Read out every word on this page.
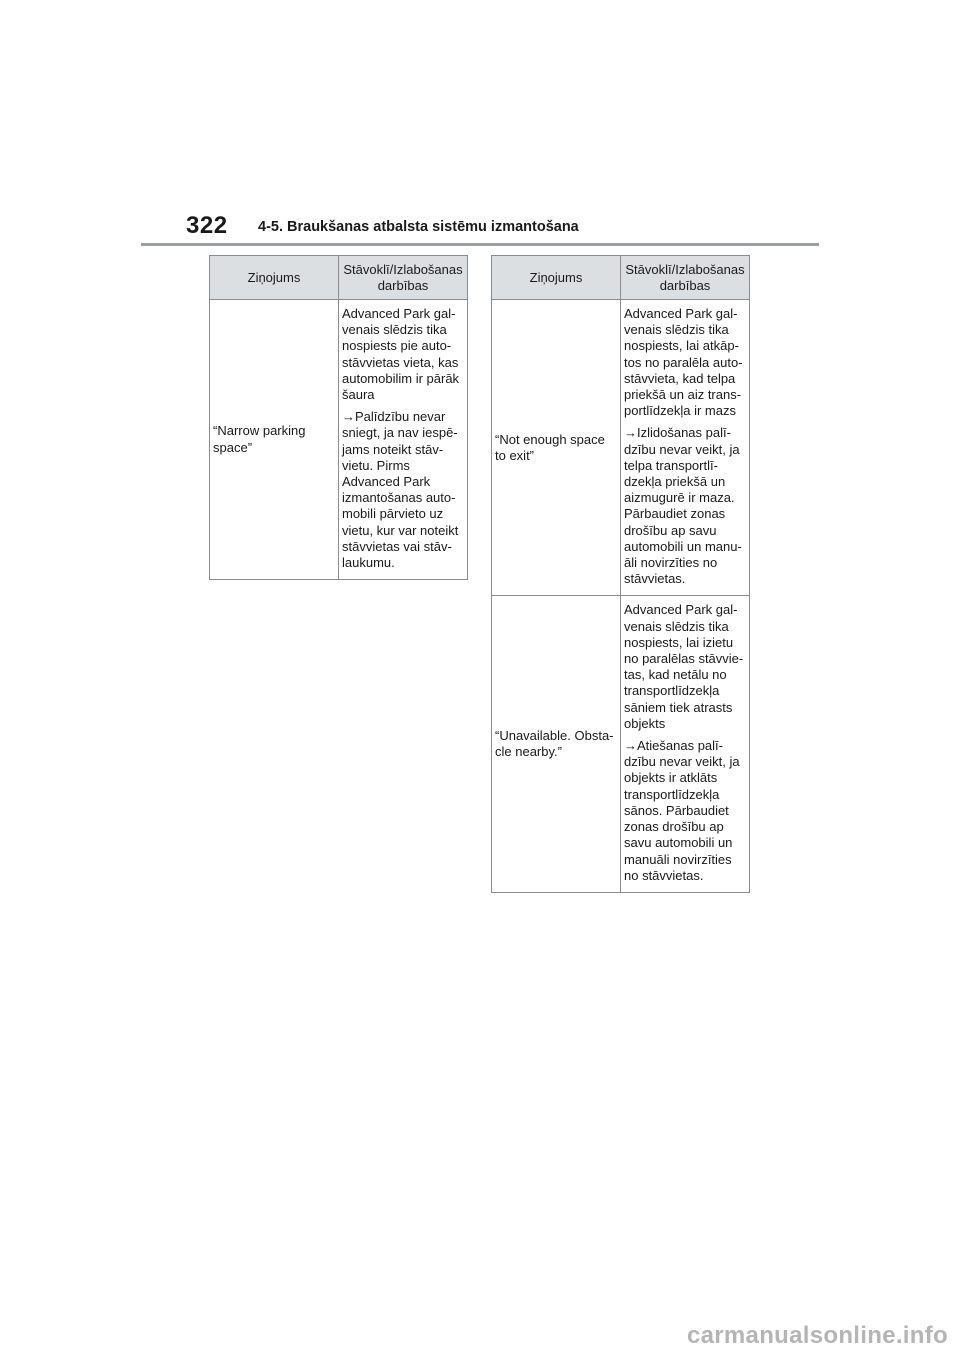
322 4-5. Braukšanas atbalsta sistēmu izmantošana
Ziņojums	Stāvoklī/Izlabošanas darbības
“Narrow parking space”	Advanced Park gal-venais slēdzis tika nospiests pie auto-stāvvietas vieta, kas automobilim ir pārāk šaura

→Palīdzību nevar sniegt, ja nav iespē-jams noteikt stāv-vietu. Pirms Advanced Park izmantošanas auto-mobili pārvieto uz vietu, kur var noteikt stāvvietas vai stāv-laukumu.

Ziņojums	Stāvoklī/Izlabošanas darbības
“Not enough space to exit”	Advanced Park gal-venais slēdzis tika nospiests, lai atkāp-tos no paralēla auto-stāvvieta, kad telpa priekšā un aiz trans-portlīdzekļa ir mazs

→Izlidošanas palī-dzību nevar veikt, ja telpa transportlī-dzekļa priekšā un aizmugurē ir maza. Pārbaudiet zonas drošību ap savu automobili un manu-āli novirzīties no stāvvietas.

“Unavailable. Obsta-cle nearby.”	Advanced Park gal-venais slēdzis tika nospiests, lai izietu no paralēlas stāvvie-tas, kad netālu no transportlīdzekļa sāniem tiek atrasts objekts

→Atiešanas palī-dzību nevar veikt, ja objekts ir atklāts transportlīdzekļa sānos. Pārbaudiet zonas drošību ap savu automobili un manuāli novirzīties no stāvvietas.

carmanualsonline.info
